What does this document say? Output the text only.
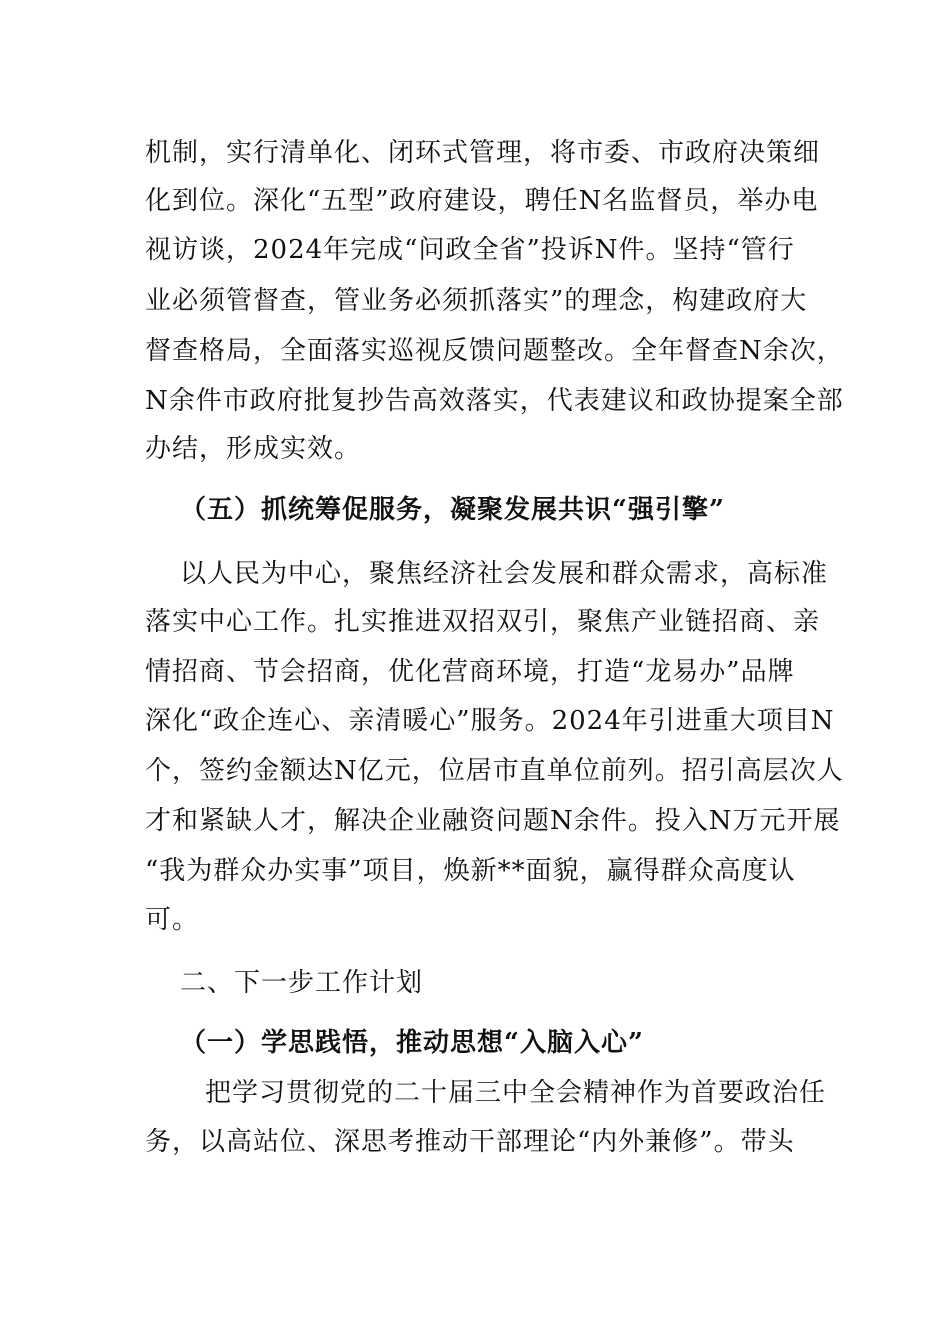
机制，实行清单化、闭环式管理，将市委、市政府决策细
化到位。深化“五型”政府建设，聘任N名监督员，举办电
视访谈，2024年完成“问政全省”投诉N件。坚持“管行
业必须管督查，管业务必须抓落实”的理念，构建政府大
督查格局，全面落实巡视反馈问题整改。全年督查N余次，
N余件市政府批复抄告高效落实，代表建议和政协提案全部
办结，形成实效。
（五）抓统筹促服务，凝聚发展共识“强引擎”
以人民为中心，聚焦经济社会发展和群众需求，高标准
落实中心工作。扎实推进双招双引，聚焦产业链招商、亲
情招商、节会招商，优化营商环境，打造“龙易办”品牌
深化“政企连心、亲清暖心”服务。2024年引进重大项目N
个，签约金额达N亿元，位居市直单位前列。招引高层次人
才和紧缺人才，解决企业融资问题N余件。投入N万元开展
“我为群众办实事”项目，焕新**面貌，赢得群众高度认
可。
二、下一步工作计划
（一）学思践悟，推动思想“入脑入心”
把学习贯彻党的二十届三中全会精神作为首要政治任
务，以高站位、深思考推动干部理论“内外兼修”。带头
